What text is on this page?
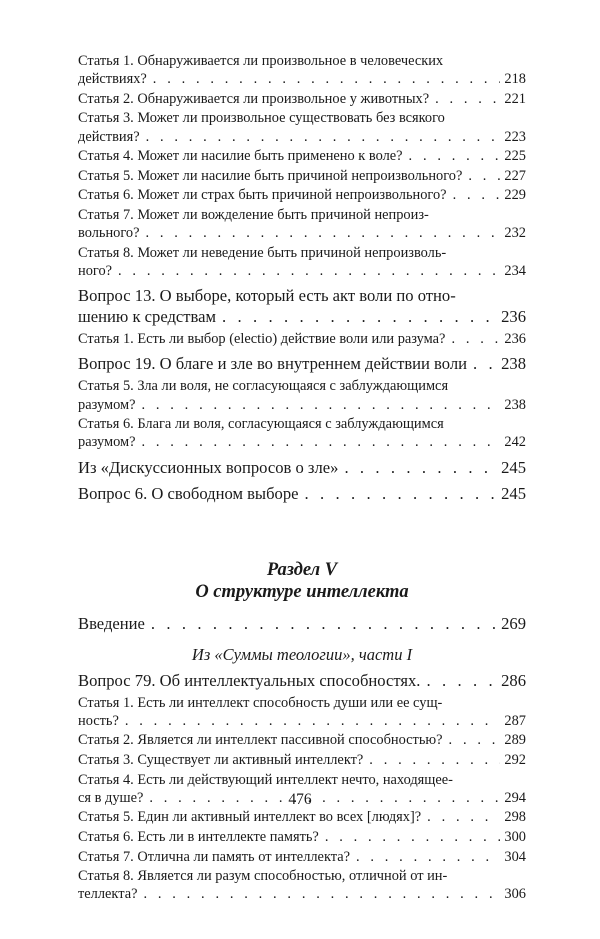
Статья 1. Обнаруживается ли произвольное в человеческих
действиях? . . .	218
Статья 2. Обнаруживается ли произвольное у животных? . . .	221
Статья 3. Может ли произвольное существовать без всякого
действия? . . .	223
Статья 4. Может ли насилие быть применено к воле? . . .	225
Статья 5. Может ли насилие быть причиной непроизвольного? . . .	227
Статья 6. Может ли страх быть причиной непроизвольного? . . .	229
Статья 7. Может ли вожделение быть причиной непроиз-
вольного? . . .	232
Статья 8. Может ли неведение быть причиной непроизволь-
ного? . . .	234
Вопрос 13. О выборе, который есть акт воли по отно-
шению к средствам . . .	236
Статья 1. Есть ли выбор (electio) действие воли или разума? . . .	236
Вопрос 19. О благе и зле во внутреннем действии воли . . . 238
Статья 5. Зла ли воля, не согласующаяся с заблуждающимся
разумом? . . .	238
Статья 6. Блага ли воля, согласующаяся с заблуждающимся
разумом? . . .	242
Из «Дискуссионных вопросов о зле» . . .	245
Вопрос 6. О свободном выборе . . .	245
Раздел V
О структуре интеллекта
Введение . . .	269
Из «Суммы теологии», части I
Вопрос 79. Об интеллектуальных способностях. . . .	286
Статья 1. Есть ли интеллект способность души или ее сущ-
ность? . . .	287
Статья 2. Является ли интеллект пассивной способностью? . . .	289
Статья 3. Существует ли активный интеллект? . . .	292
Статья 4. Есть ли действующий интеллект нечто, находящее-
ся в душе? . . .	294
Статья 5. Един ли активный интеллект во всех [людях]? . . .	298
Статья 6. Есть ли в интеллекте память? . . .	300
Статья 7. Отлична ли память от интеллекта? . . .	304
Статья 8. Является ли разум способностью, отличной от ин-
теллекта? . . .	306
476
